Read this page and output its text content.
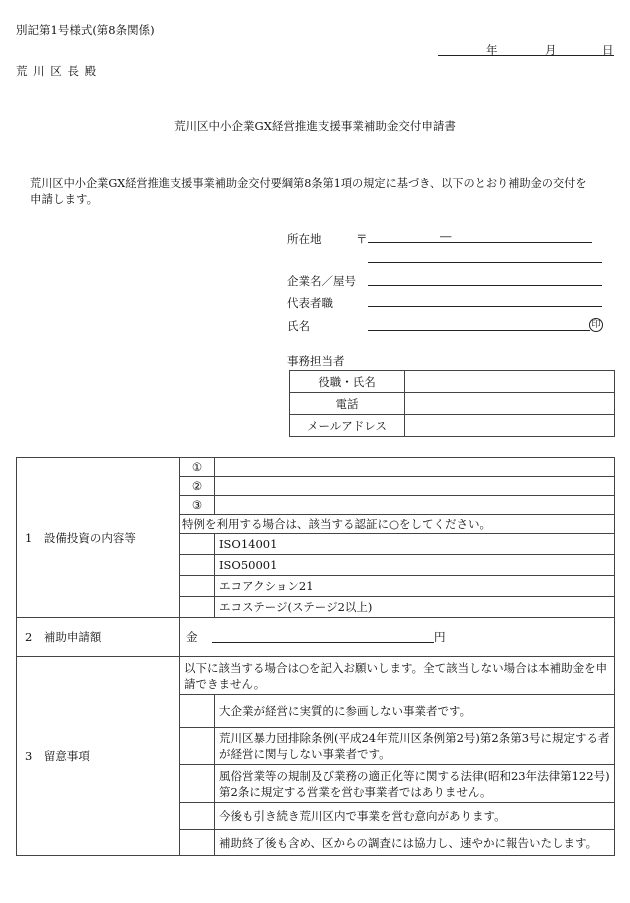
別記第1号様式(第8条関係)
年	月	日
荒 川 区 長 殿
荒川区中小企業GX経営推進支援事業補助金交付申請書
荒川区中小企業GX経営推進支援事業補助金交付要綱第8条第1項の規定に基づき、以下のとおり補助金の交付を
申請します。
所在地	〒	―
企業名／屋号
代表者職
氏名	印
事務担当者
役職・氏名	
電話	
メールアドレス	
1　設備投資の内容等	①	
	②	
	③	
	特例を利用する場合は、該当する認証に○をしてください。	
		ISO14001
		ISO50001
		エコアクション21
		エコステージ(ステージ2以上)
2　補助申請額	金 円	

3　留意事項	以下に該当する場合は○を記入お願いします。全て該当しない場合は本補助金を申請できません。	
		大企業が経営に実質的に参画しない事業者です。
		荒川区暴力団排除条例(平成24年荒川区条例第2号)第2条第3号に規定する者が経営に関与しない事業者です。
		風俗営業等の規制及び業務の適正化等に関する法律(昭和23年法律第122号)第2条に規定する営業を営む事業者ではありません。
		今後も引き続き荒川区内で事業を営む意向があります。
		補助終了後も含め、区からの調査には協力し、速やかに報告いたします。
